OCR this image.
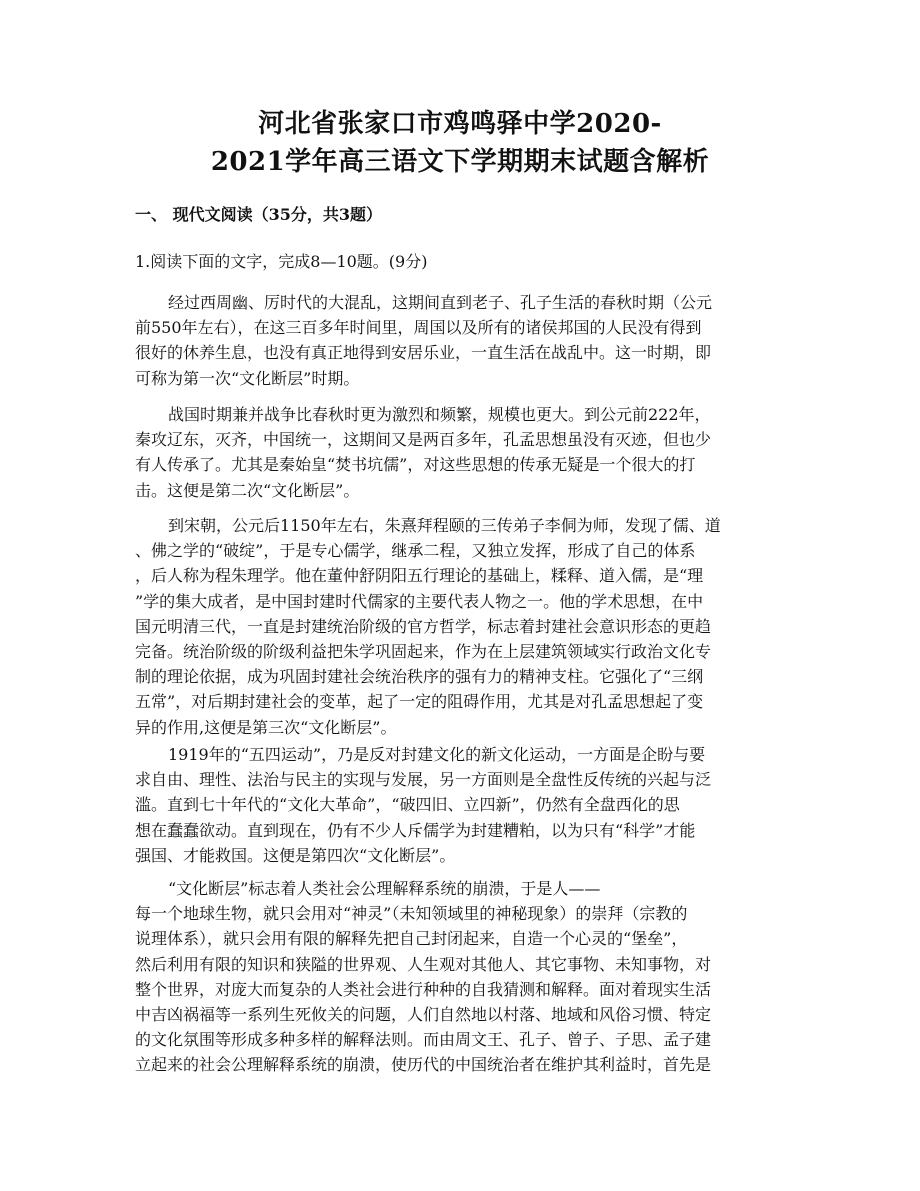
河北省张家口市鸡鸣驿中学2020-
2021学年高三语文下学期期末试题含解析
一、 现代文阅读（35分，共3题）
1.阅读下面的文字，完成8—10题。(9分)
经过西周幽、厉时代的大混乱，这期间直到老子、孔子生活的春秋时期（公元
前550年左右），在这三百多年时间里，周国以及所有的诸侯邦国的人民没有得到
很好的休养生息，也没有真正地得到安居乐业，一直生活在战乱中。这一时期，即
可称为第一次“文化断层”时期。
战国时期兼并战争比春秋时更为激烈和频繁，规模也更大。到公元前222年，
秦攻辽东，灭齐，中国统一，这期间又是两百多年，孔孟思想虽没有灭迹，但也少
有人传承了。尤其是秦始皇“焚书坑儒”，对这些思想的传承无疑是一个很大的打
击。这便是第二次“文化断层”。
到宋朝，公元后1150年左右，朱熹拜程颐的三传弟子李侗为师，发现了儒、道
、佛之学的“破绽”，于是专心儒学，继承二程，又独立发挥，形成了自己的体系
，后人称为程朱理学。他在董仲舒阴阳五行理论的基础上，糅释、道入儒，是“理
”学的集大成者，是中国封建时代儒家的主要代表人物之一。他的学术思想，在中
国元明清三代，一直是封建统治阶级的官方哲学，标志着封建社会意识形态的更趋
完备。统治阶级的阶级利益把朱学巩固起来，作为在上层建筑领域实行政治文化专
制的理论依据，成为巩固封建社会统治秩序的强有力的精神支柱。它强化了“三纲
五常”，对后期封建社会的变革，起了一定的阻碍作用，尤其是对孔孟思想起了变
异的作用,这便是第三次“文化断层”。
1919年的“五四运动”，乃是反对封建文化的新文化运动，一方面是企盼与要
求自由、理性、法治与民主的实现与发展，另一方面则是全盘性反传统的兴起与泛
滥。直到七十年代的“文化大革命”，“破四旧、立四新”，仍然有全盘西化的思
想在蠢蠢欲动。直到现在，仍有不少人斥儒学为封建糟粕，以为只有“科学”才能
强国、才能救国。这便是第四次“文化断层”。
“文化断层”标志着人类社会公理解释系统的崩溃，于是人——
每一个地球生物，就只会用对“神灵”（未知领域里的神秘现象）的崇拜（宗教的
说理体系），就只会用有限的解释先把自己封闭起来，自造一个心灵的“堡垒”，
然后利用有限的知识和狭隘的世界观、人生观对其他人、其它事物、未知事物，对
整个世界，对庞大而复杂的人类社会进行种种的自我猜测和解释。面对着现实生活
中吉凶祸福等一系列生死攸关的问题，人们自然地以村落、地域和风俗习惯、特定
的文化氛围等形成多种多样的解释法则。而由周文王、孔子、曾子、子思、孟子建
立起来的社会公理解释系统的崩溃，使历代的中国统治者在维护其利益时，首先是
